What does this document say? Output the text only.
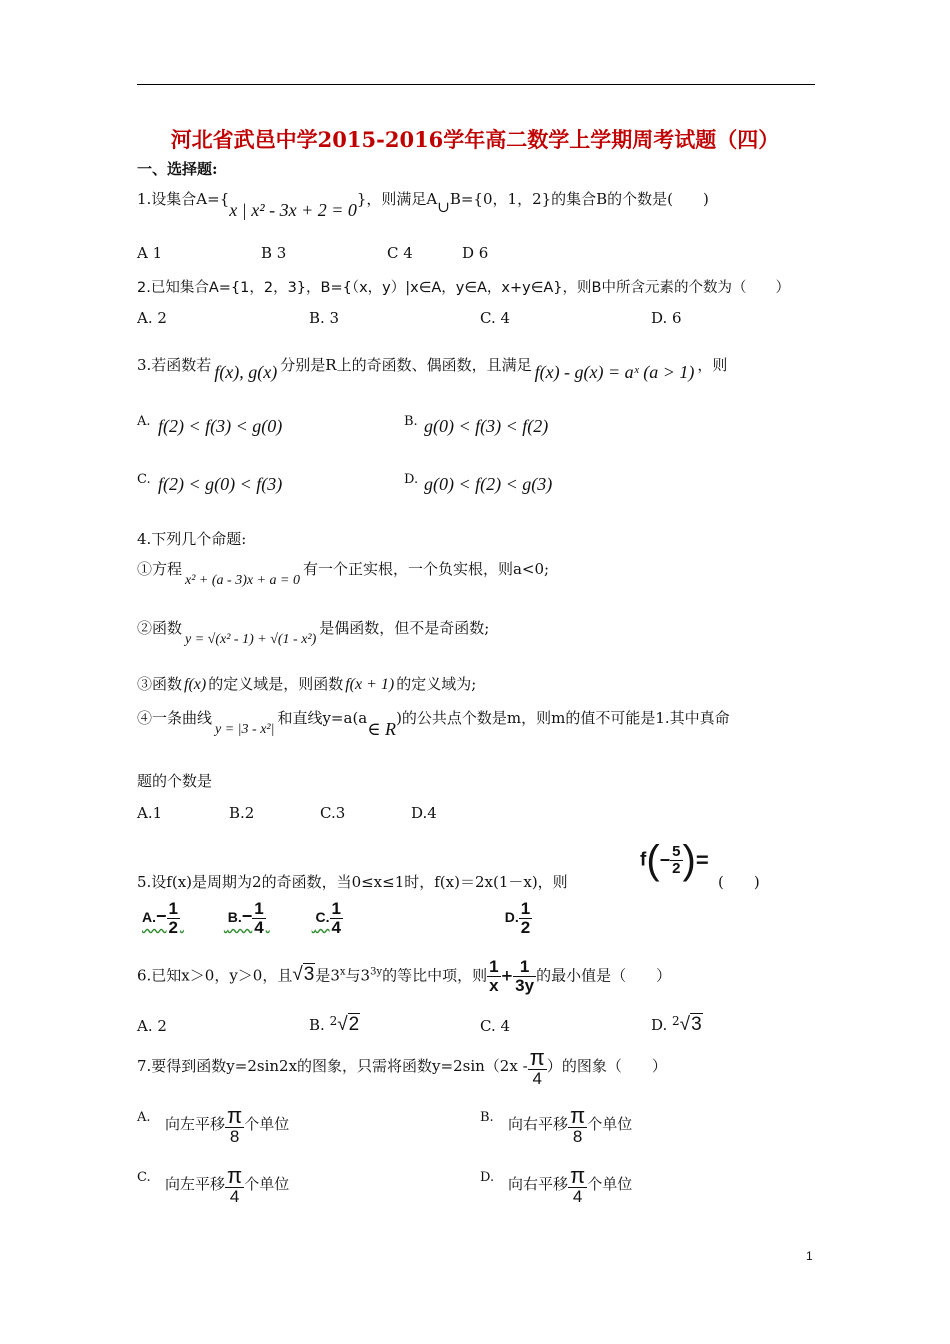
河北省武邑中学2015-2016学年高二数学上学期周考试题（四）
一、选择题:
1.设集合A={x | x² - 3x + 2 = 0}，则满足A∪B={0，1，2}的集合B的个数是(　　)
A 1	B 3	C 4	D 6
2.已知集合A={1，2，3}，B={（x，y）|x∈A，y∈A，x+y∈A}，则B中所含元素的个数为（　　）
A. 2	B. 3	C. 4	D. 6
3.若函数若 f(x), g(x) 分别是R上的奇函数、偶函数，且满足 f(x) - g(x) = aˣ (a > 1) ，则
A. f(2) < f(3) < g(0)	B. g(0) < f(3) < f(2)
C. f(2) < g(0) < f(3)	D. g(0) < f(2) < g(3)
4.下列几个命题:
①方程x² + (a - 3)x + a = 0有一个正实根，一个负实根，则a<0;
②函数y = √(x² - 1) + √(1 - x²)是偶函数，但不是奇函数;
③函数 f(x) 的定义域是，则函数 f(x + 1) 的定义域为;
④一条曲线y = |3 - x²|和直线y=a(a∈ R)的公共点个数是m，则m的值不可能是1.其中真命
题的个数是
A.1	B.2	C.3	D.4
5.设f(x)是周期为2的奇函数，当0≤x≤1时，f(x)＝2x(1－x)，则
$f(- \frac{5}{2}$ )=
(　　)
$A.- \frac{1}{2}$	$B.- \frac{1}{4}$	C. $\frac{1}{4}$	D. $\frac{1}{2}$
6.已知x＞0，y＞0，且√3是3$^x$与$3^{3y}$的等比中项，则 $\frac{1}{x} + \frac{1}{3y}$ 的最小值是（　　）
A. 2	B. $^2$√2	C. 4	D. $^2$√3
7.要得到函数y=2sin2x的图象，只需将函数$y=2\sin(2x - \frac{\pi}{4}$ ）的图象（　　）
A. 向左平移 $\frac{\pi}{8}$ 个单位	B. 向右平移 $\frac{\pi}{8}$ 个单位
C. 向左平移 $\frac{\pi}{4}$ 个单位	D. 向右平移 $\frac{\pi}{4}$ 个单位
1
